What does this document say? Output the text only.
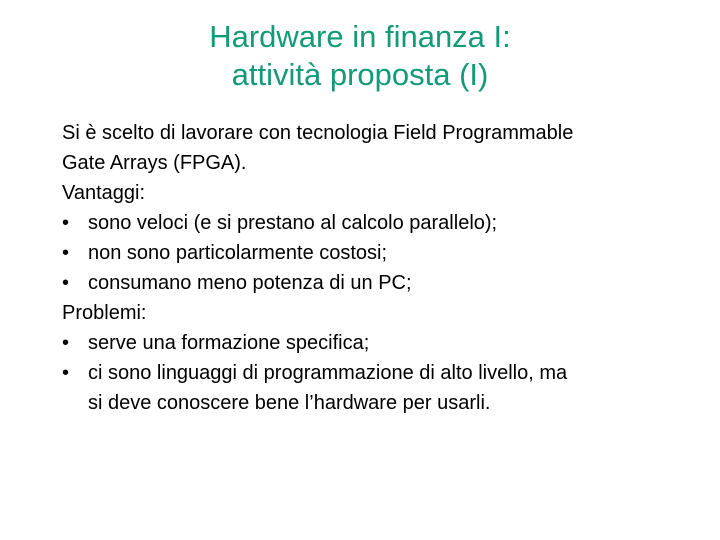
Hardware in finanza I:
attività proposta (I)
Si è scelto di lavorare con tecnologia Field Programmable
Gate Arrays (FPGA).
Vantaggi:
• sono veloci (e si prestano al calcolo parallelo);
• non sono particolarmente costosi;
• consumano meno potenza di un PC;
Problemi:
• serve una formazione specifica;
• ci sono linguaggi di programmazione di alto livello, ma
si deve conoscere bene l’hardware per usarli.
